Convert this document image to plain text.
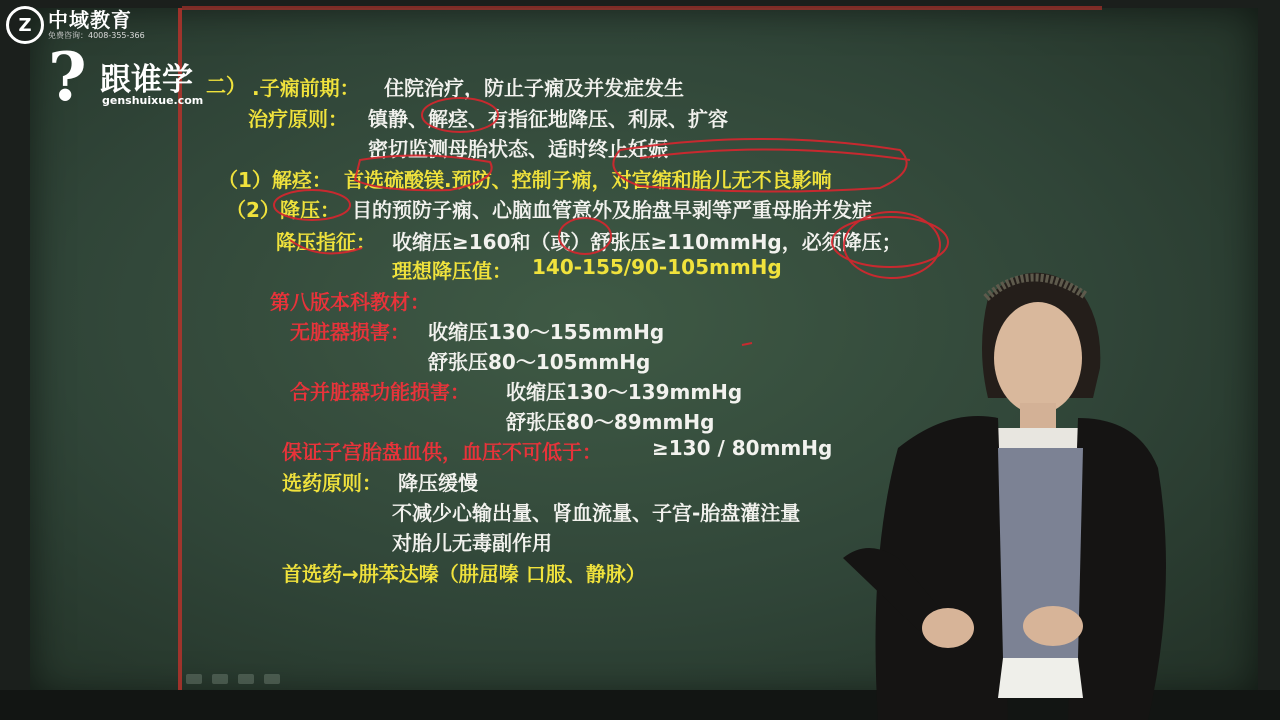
Z 中域教育
免费咨询：4008-355-366
? 跟谁学
genshuixue.com
二） .子痫前期： 住院治疗，防止子痫及并发症发生
治疗原则： 镇静、解痉、有指征地降压、利尿、扩容
密切监测母胎状态、适时终止妊娠
（1）解痉： 首选硫酸镁.预防、控制子痫，对宫缩和胎儿无不良影响
（2） 降压： 目的预防子痫、心脑血管意外及胎盘早剥等严重母胎并发症
降压指征： 收缩压≥160和（或）舒张压≥110mmHg，必须降压；
理想降压值： 140-155/90-105mmHg
第八版本科教材：
无脏器损害： 收缩压130～155mmHg
舒张压80～105mmHg
合并脏器功能损害： 收缩压130～139mmHg
舒张压80～89mmHg
保证子宫胎盘血供，血压不可低于：	≥130 / 80mmHg
选药原则： 降压缓慢
不减少心输出量、肾血流量、子宫-胎盘灌注量
对胎儿无毒副作用
首选药→肼苯达嗪（肼屈嗪 口服、静脉）
